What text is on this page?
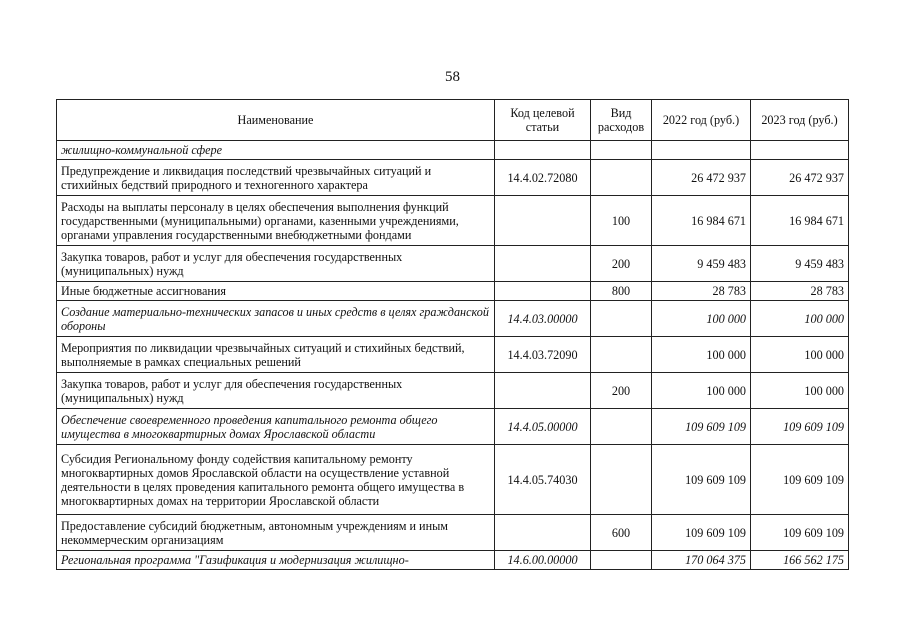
58
Наименование	Код целевой статьи	Вид расходов	2022 год (руб.)	2023 год (руб.)
жилищно-коммунальной сфере				
Предупреждение и ликвидация последствий чрезвычайных ситуаций и стихийных бедствий природного и техногенного характера	14.4.02.72080		26 472 937	26 472 937
Расходы на выплаты персоналу в целях обеспечения выполнения функций государственными (муниципальными) органами, казенными учреждениями, органами управления государственными внебюджетными фондами		100	16 984 671	16 984 671
Закупка товаров, работ и услуг для обеспечения государственных (муниципальных) нужд		200	9 459 483	9 459 483
Иные бюджетные ассигнования		800	28 783	28 783
Создание материально-технических запасов и иных средств в целях гражданской обороны	14.4.03.00000		100 000	100 000
Мероприятия по ликвидации чрезвычайных ситуаций и стихийных бедствий, выполняемые в рамках специальных решений	14.4.03.72090		100 000	100 000
Закупка товаров, работ и услуг для обеспечения государственных (муниципальных) нужд		200	100 000	100 000
Обеспечение своевременного проведения капитального ремонта общего имущества в многоквартирных домах Ярославской области	14.4.05.00000		109 609 109	109 609 109
Субсидия Региональному фонду содействия капитальному ремонту многоквартирных домов Ярославской области на осуществление уставной деятельности в целях проведения капитального ремонта общего имущества в многоквартирных домах на территории Ярославской области	14.4.05.74030		109 609 109	109 609 109
Предоставление субсидий бюджетным, автономным учреждениям и иным некоммерческим организациям		600	109 609 109	109 609 109
Региональная программа "Газификация и модернизация жилищно-	14.6.00.00000		170 064 375	166 562 175
